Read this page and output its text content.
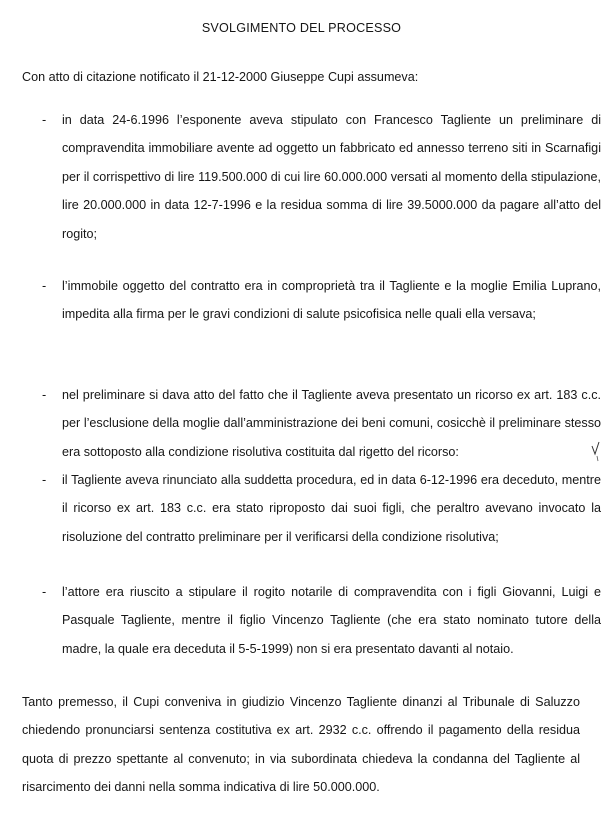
SVOLGIMENTO DEL PROCESSO
Con atto di citazione notificato il 21-12-2000 Giuseppe Cupi assumeva:
- in data 24-6.1996 l’esponente aveva stipulato con Francesco Tagliente un preliminare di compravendita immobiliare avente ad oggetto un fabbricato ed annesso terreno siti in Scarnafigi per il corrispettivo di lire 119.500.000 di cui lire 60.000.000 versati al momento della stipulazione, lire 20.000.000 in data 12-7-1996 e la residua somma di lire 39.5000.000 da pagare all’atto del rogito;
- l’immobile oggetto del contratto era in comproprietà tra il Tagliente e la moglie Emilia Luprano, impedita alla firma per le gravi condizioni di salute psicofisica nelle quali ella versava;
- nel preliminare si dava atto del fatto che il Tagliente aveva presentato un ricorso ex art. 183 c.c. per l’esclusione della moglie dall’amministrazione dei beni comuni, cosicchè il preliminare stesso era sottoposto alla condizione risolutiva costituita dal rigetto del ricorso:
- il Tagliente aveva rinunciato alla suddetta procedura, ed in data 6-12-1996 era deceduto, mentre il ricorso ex art. 183 c.c. era stato riproposto dai suoi figli, che peraltro avevano invocato la risoluzione del contratto preliminare per il verificarsi della condizione risolutiva;
- l’attore era riuscito a stipulare il rogito notarile di compravendita con i figli Giovanni, Luigi e Pasquale Tagliente, mentre il figlio Vincenzo Tagliente (che era stato nominato tutore della madre, la quale era deceduta il 5-5-1999) non si era presentato davanti al notaio.
Tanto premesso, il Cupi conveniva in giudizio Vincenzo Tagliente dinanzi al Tribunale di Saluzzo chiedendo pronunciarsi sentenza costitutiva ex art. 2932 c.c. offrendo il pagamento della residua quota di prezzo spettante al convenuto; in via subordinata chiedeva la condanna del Tagliente al risarcimento dei danni nella somma indicativa di lire 50.000.000.
